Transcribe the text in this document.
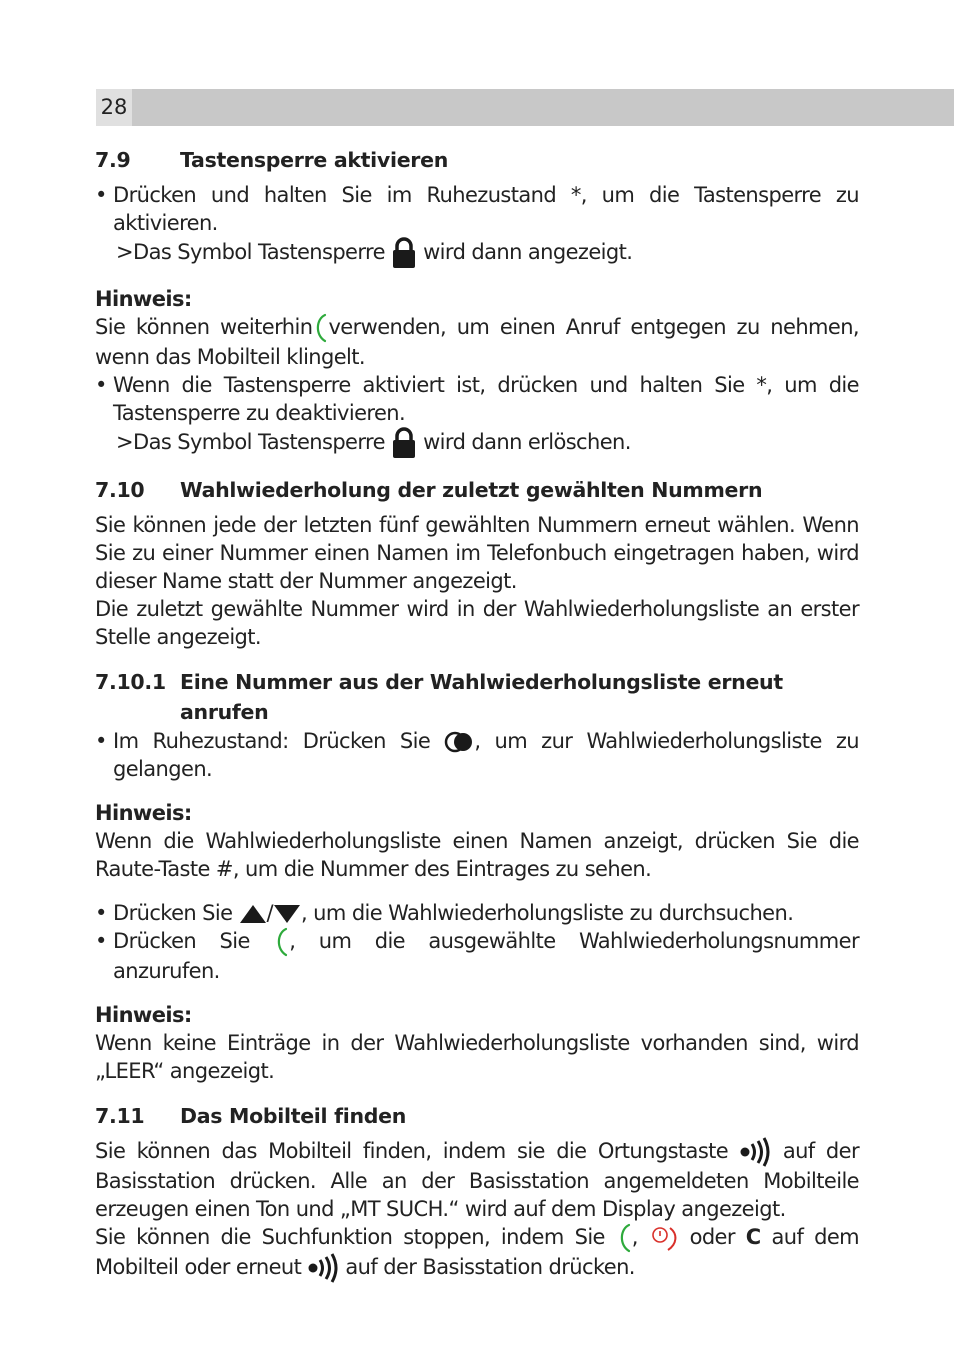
28
7.9	Tastensperre aktivieren
• Drücken und halten Sie im Ruhezustand *, um die Tastensperre zu aktivieren.

>Das Symbol Tastensperre wird dann angezeigt.

Hinweis:

Sie können weiterhin verwenden, um einen Anruf entgegen zu nehmen, wenn das Mobilteil klingelt.

• Wenn die Tastensperre aktiviert ist, drücken und halten Sie *, um die Tastensperre zu deaktivieren.

>Das Symbol Tastensperre wird dann erlöschen.

7.10	Wahlwiederholung der zuletzt gewählten Nummern

Sie können jede der letzten fünf gewählten Nummern erneut wählen. Wenn Sie zu einer Nummer einen Namen im Telefonbuch eingetragen haben, wird dieser Name statt der Nummer angezeigt.

Die zuletzt gewählte Nummer wird in der Wahlwiederholungsliste an erster Stelle angezeigt.

7.10.1 Eine Nummer aus der Wahlwiederholungsliste erneut anrufen
• Im Ruhezustand: Drücken Sie , um zur Wahlwiederholungsliste zu gelangen.
Hinweis:

Wenn die Wahlwiederholungsliste einen Namen anzeigt, drücken Sie die Raute-Taste #, um die Nummer des Eintrages zu sehen.

• Drücken Sie / , um die Wahlwiederholungsliste zu durchsuchen.
• Drücken Sie , um die ausgewählte Wahlwiederholungsnummer anzurufen.
Hinweis:

Wenn keine Einträge in der Wahlwiederholungsliste vorhanden sind, wird „LEER“ angezeigt.

7.11	Das Mobilteil finden

Sie können das Mobilteil finden, indem sie die Ortungstaste	auf der Basisstation drücken. Alle an der Basisstation angemeldeten Mobilteile erzeugen einen Ton und „MT SUCH.“ wird auf dem Display angezeigt.

Sie können die Suchfunktion stoppen, indem Sie , oder C auf dem Mobilteil oder erneut auf der Basisstation drücken.
